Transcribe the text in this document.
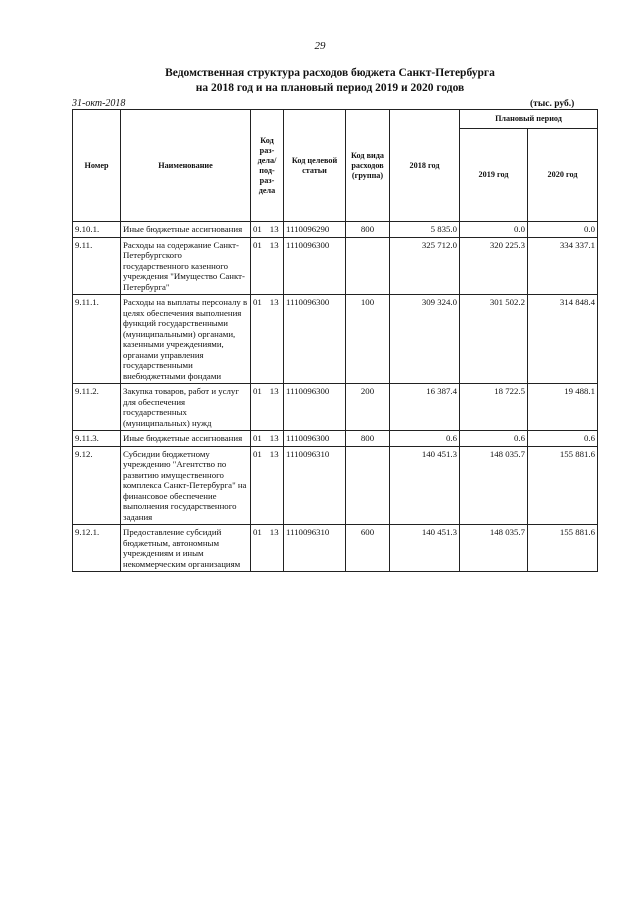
29
Ведомственная структура расходов бюджета Санкт-Петербурга
на 2018 год и на плановый период 2019 и 2020 годов
31-окт-2018	(тыс. руб.)
Номер	Наименование	Код раз-дела/ под-раз-дела	Код целевой статьи	Код вида расходов (группа)	2018 год	Плановый период	
						2019 год	2020 год
9.10.1.	Иные бюджетные ассигнования	01 13	1110096290	800	5 835.0	0.0	0.0
9.11.	Расходы на содержание Санкт-Петербургского государственного казенного учреждения "Имущество Санкт-Петербурга"	01 13	1110096300		325 712.0	320 225.3	334 337.1
9.11.1.	Расходы на выплаты персоналу в целях обеспечения выполнения функций государственными (муниципальными) органами, казенными учреждениями, органами управления государственными внебюджетными фондами	01 13	1110096300	100	309 324.0	301 502.2	314 848.4
9.11.2.	Закупка товаров, работ и услуг для обеспечения государственных (муниципальных) нужд	01 13	1110096300	200	16 387.4	18 722.5	19 488.1
9.11.3.	Иные бюджетные ассигнования	01 13	1110096300	800	0.6	0.6	0.6
9.12.	Субсидии бюджетному учреждению "Агентство по развитию имущественного комплекса Санкт-Петербурга" на финансовое обеспечение выполнения государственного задания	01 13	1110096310		140 451.3	148 035.7	155 881.6
9.12.1.	Предоставление субсидий бюджетным, автономным учреждениям и иным некоммерческим организациям	01 13	1110096310	600	140 451.3	148 035.7	155 881.6
